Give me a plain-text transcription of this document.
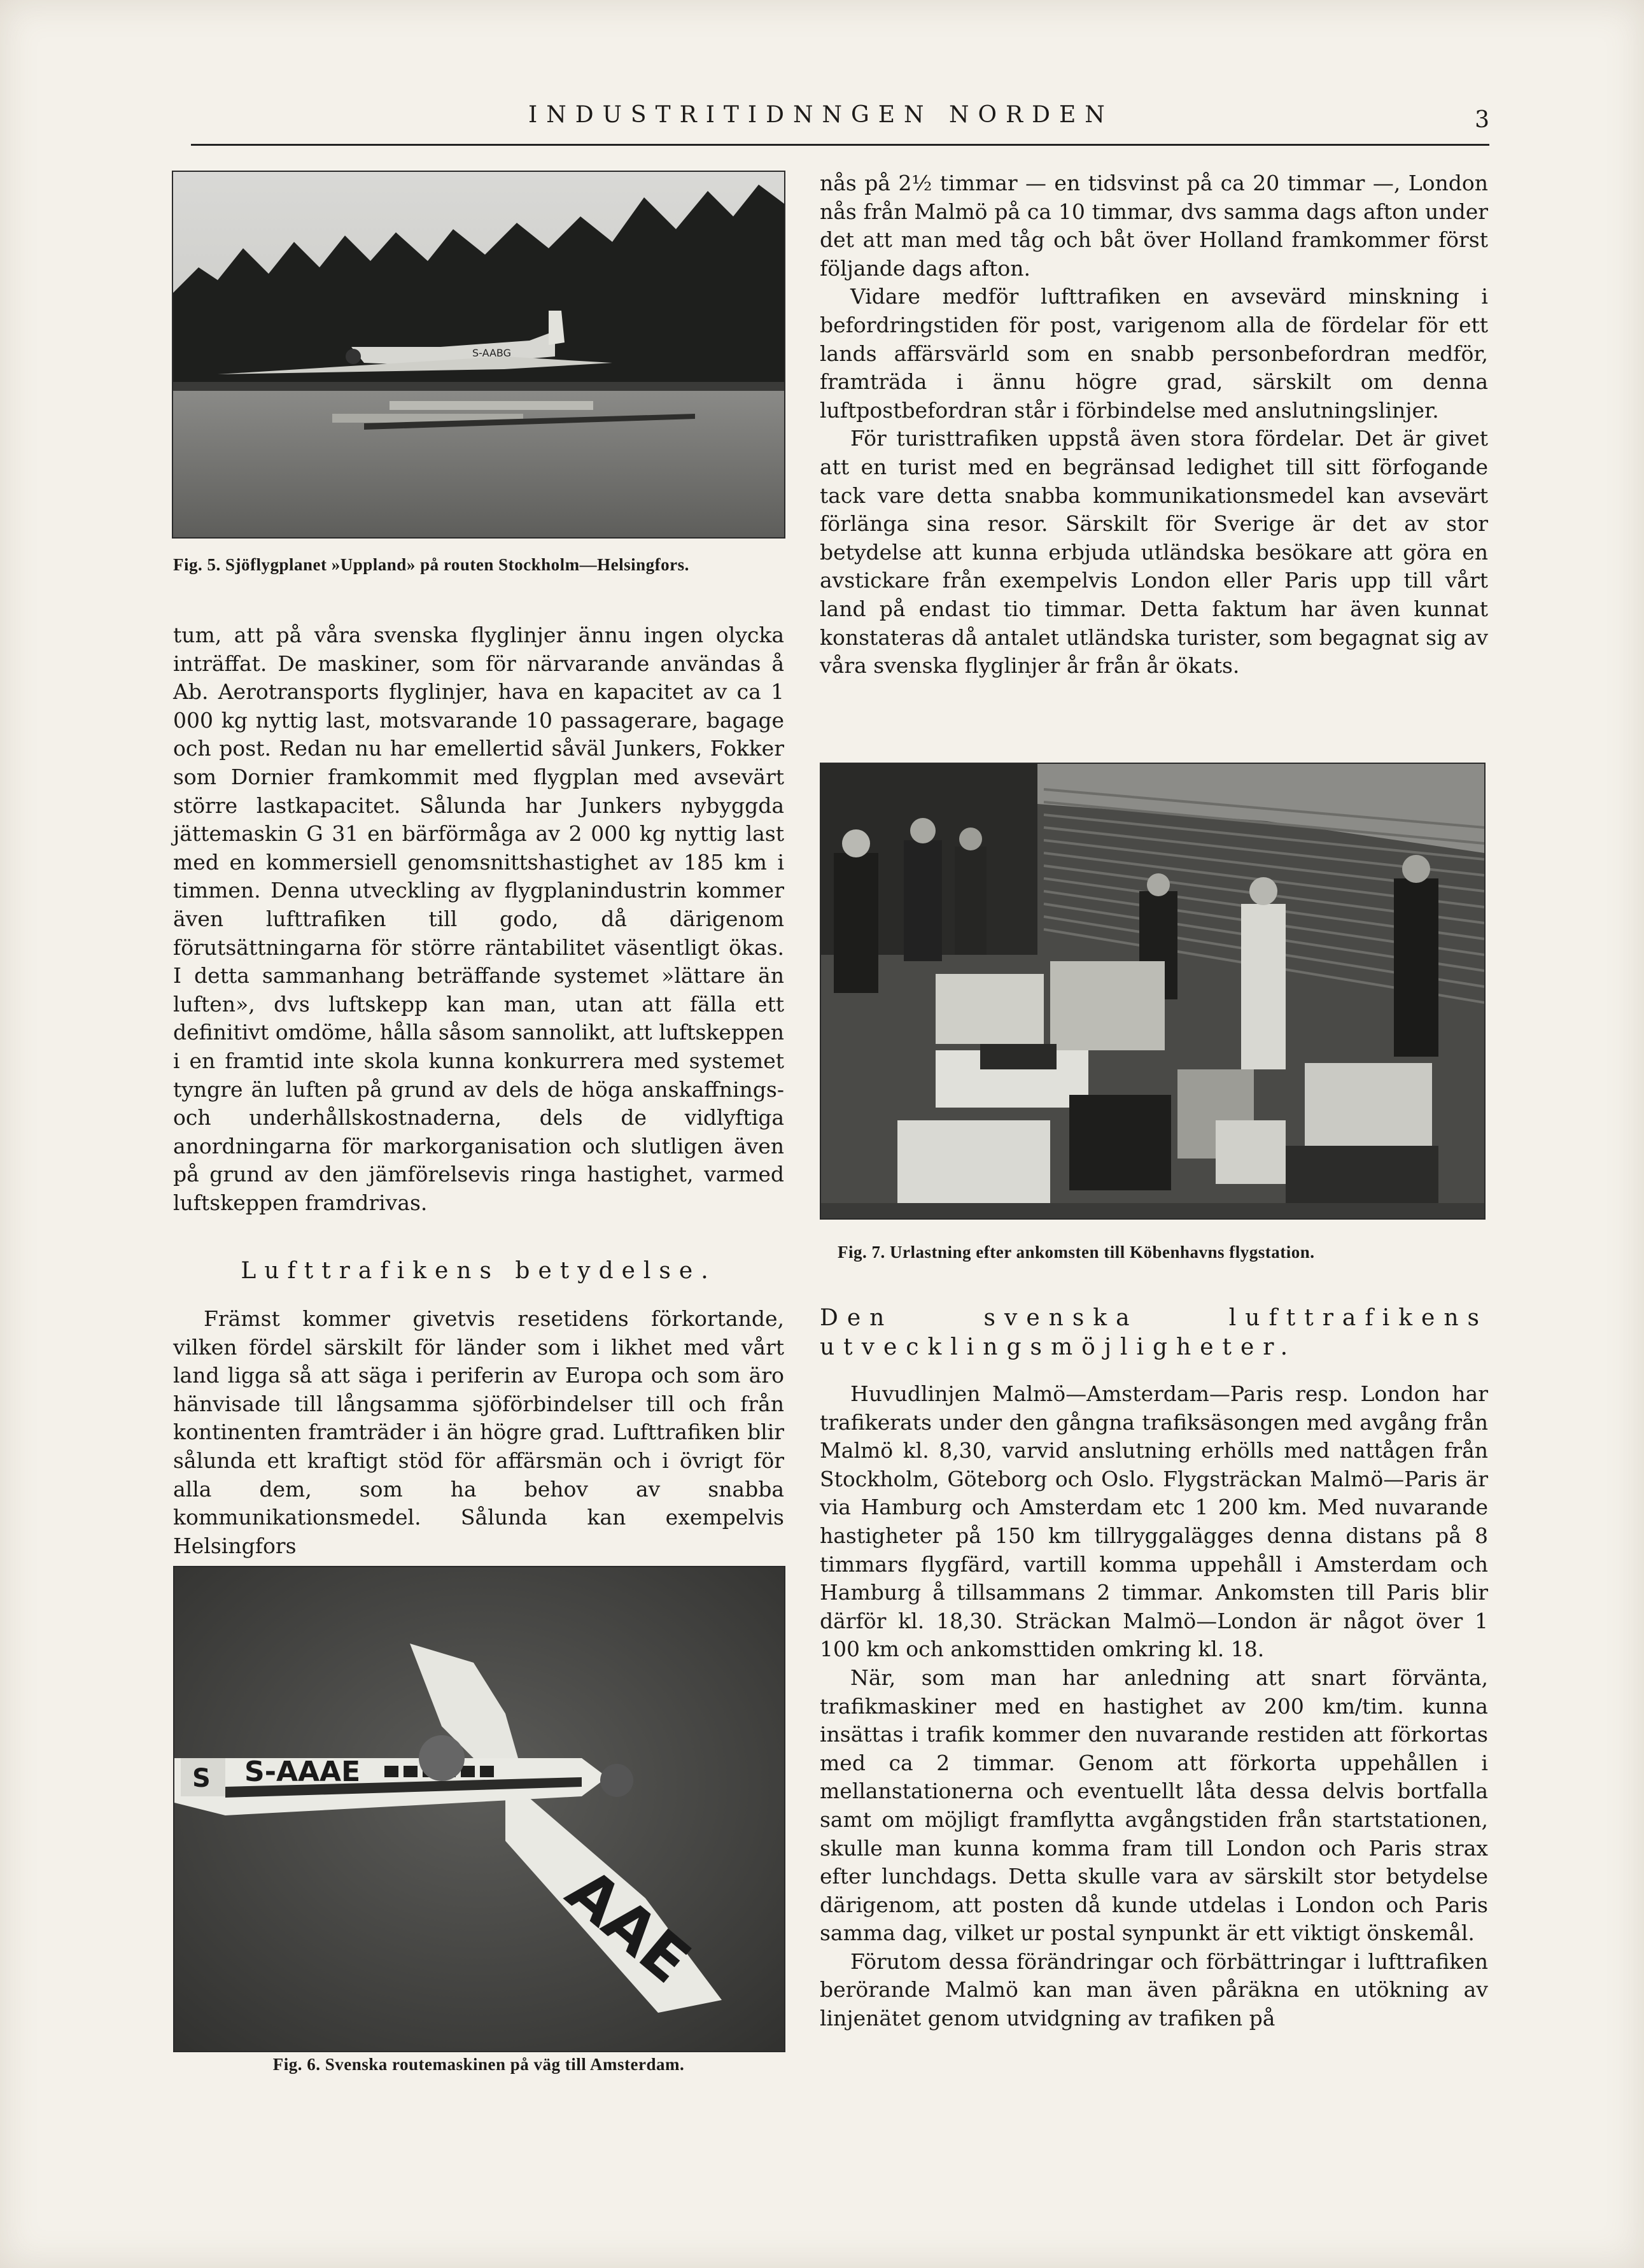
INDUSTRITIDNNGEN NORDEN	3
S-AABG
Fig. 5. Sjöflygplanet »Uppland» på routen Stockholm—Helsingfors.

tum, att på våra svenska flyglinjer ännu ingen olycka inträffat. De maskiner, som för närvarande användas å Ab. Aerotransports flyglinjer, hava en kapacitet av ca 1 000 kg nyttig last, motsvarande 10 passagerare, bagage och post. Redan nu har emellertid såväl Junkers, Fokker som Dornier framkommit med flygplan med avsevärt större lastkapacitet. Sålunda har Junkers nybyggda jättemaskin G 31 en bärförmåga av 2 000 kg nyttig last med en kommersiell genomsnittshastighet av 185 km i timmen. Denna utveckling av flygplanindustrin kommer även lufttrafiken till godo, då därigenom förutsättningarna för större räntabilitet väsentligt ökas. I detta sammanhang beträffande systemet »lättare än luften», dvs luftskepp kan man, utan att fälla ett definitivt omdöme, hålla såsom sannolikt, att luftskeppen i en framtid inte skola kunna konkurrera med systemet tyngre än luften på grund av dels de höga anskaffnings- och underhållskostnaderna, dels de vidlyftiga anordningarna för markorganisation och slutligen även på grund av den jämförelsevis ringa hastighet, varmed luftskeppen framdrivas.

Lufttrafikens betydelse.

Främst kommer givetvis resetidens förkortande, vilken fördel särskilt för länder som i likhet med vårt land ligga så att säga i periferin av Europa och som äro hänvisade till långsamma sjöförbindelser till och från kontinenten framträder i än högre grad. Lufttrafiken blir sålunda ett kraftigt stöd för affärsmän och i övrigt för alla dem, som ha behov av snabba kommunikationsmedel. Sålunda kan exempelvis Helsingfors

S-AAAE
S
AAE
Fig. 6. Svenska routemaskinen på väg till Amsterdam.

nås på 2½ timmar — en tidsvinst på ca 20 timmar —, London nås från Malmö på ca 10 timmar, dvs samma dags afton under det att man med tåg och båt över Holland framkommer först följande dags afton.

Vidare medför lufttrafiken en avsevärd minskning i befordringstiden för post, varigenom alla de fördelar för ett lands affärsvärld som en snabb personbefordran medför, framträda i ännu högre grad, särskilt om denna luftpostbefordran står i förbindelse med anslutningslinjer.

För turisttrafiken uppstå även stora fördelar. Det är givet att en turist med en begränsad ledighet till sitt förfogande tack vare detta snabba kommunikationsmedel kan avsevärt förlänga sina resor. Särskilt för Sverige är det av stor betydelse att kunna erbjuda utländska besökare att göra en avstickare från exempelvis London eller Paris upp till vårt land på endast tio timmar. Detta faktum har även kunnat konstateras då antalet utländska turister, som begagnat sig av våra svenska flyglinjer år från år ökats.

Fig. 7. Urlastning efter ankomsten till Köbenhavns flygstation.
Den svenska lufttrafikens utvecklingsmöjligheter.

Huvudlinjen Malmö—Amsterdam—Paris resp. London har trafikerats under den gångna trafiksäsongen med avgång från Malmö kl. 8,30, varvid anslutning erhölls med nattågen från Stockholm, Göteborg och Oslo. Flygsträckan Malmö—Paris är via Hamburg och Amsterdam etc 1 200 km. Med nuvarande hastigheter på 150 km tillryggalägges denna distans på 8 timmars flygfärd, vartill komma uppehåll i Amsterdam och Hamburg å tillsammans 2 timmar. Ankomsten till Paris blir därför kl. 18,30. Sträckan Malmö—London är något över 1 100 km och ankomsttiden omkring kl. 18.

När, som man har anledning att snart förvänta, trafikmaskiner med en hastighet av 200 km/tim. kunna insättas i trafik kommer den nuvarande restiden att förkortas med ca 2 timmar. Genom att förkorta uppehållen i mellanstationerna och eventuellt låta dessa delvis bortfalla samt om möjligt framflytta avgångstiden från startstationen, skulle man kunna komma fram till London och Paris strax efter lunchdags. Detta skulle vara av särskilt stor betydelse därigenom, att posten då kunde utdelas i London och Paris samma dag, vilket ur postal synpunkt är ett viktigt önskemål.

Förutom dessa förändringar och förbättringar i lufttrafiken berörande Malmö kan man även påräkna en utökning av linjenätet genom utvidgning av trafiken på
